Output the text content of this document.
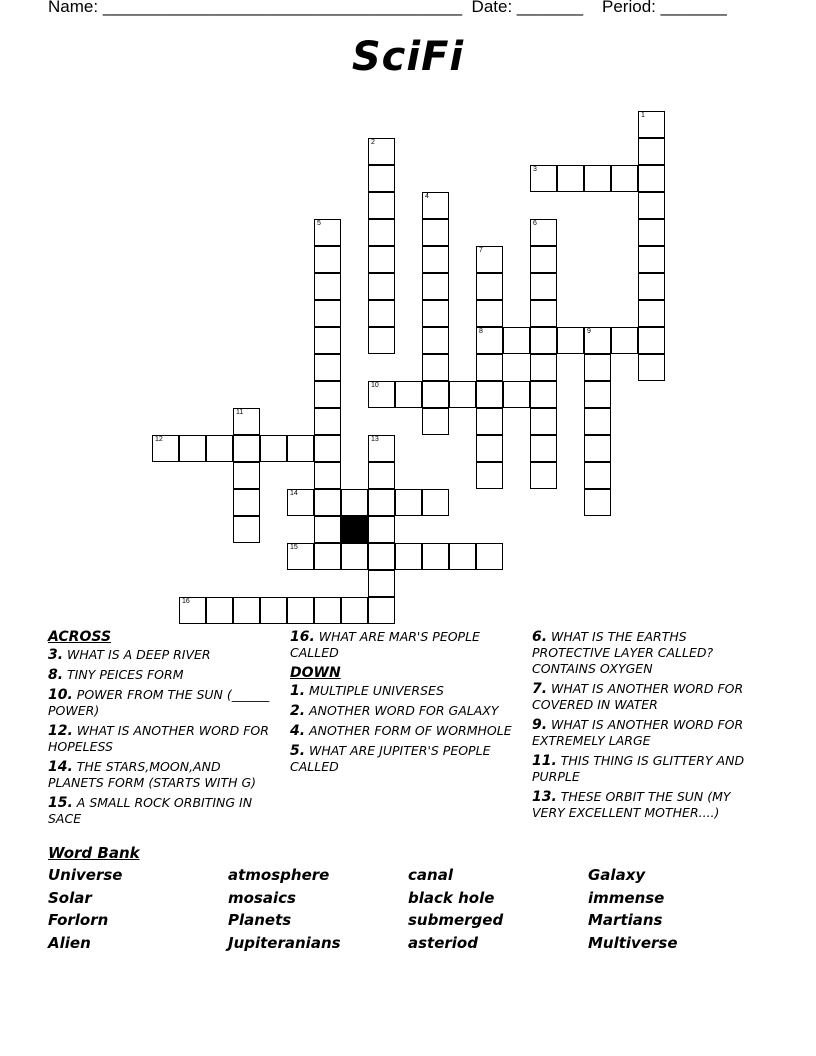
Name: ______________________________________ Date: _______ Period: _______
SciFi
1
2
3
4
5	6
7
8	9
10
11
12	13
14
15
16
ACROSS
3. WHAT IS A DEEP RIVER
8. TINY PEICES FORM
10. POWER FROM THE SUN (______ POWER)
12. WHAT IS ANOTHER WORD FOR HOPELESS
14. THE STARS,MOON,AND PLANETS FORM (STARTS WITH G)
15. A SMALL ROCK ORBITING IN SACE
16. WHAT ARE MAR'S PEOPLE CALLED
DOWN
1. MULTIPLE UNIVERSES
2. ANOTHER WORD FOR GALAXY
4. ANOTHER FORM OF WORMHOLE
5. WHAT ARE JUPITER'S PEOPLE CALLED
6. WHAT IS THE EARTHS PROTECTIVE LAYER CALLED? CONTAINS OXYGEN
7. WHAT IS ANOTHER WORD FOR COVERED IN WATER
9. WHAT IS ANOTHER WORD FOR EXTREMELY LARGE
11. THIS THING IS GLITTERY AND PURPLE
13. THESE ORBIT THE SUN (MY VERY EXCELLENT MOTHER....)
Word Bank
Universe	atmosphere	canal	Galaxy
Solar	mosaics	black hole	immense
Forlorn	Planets	submerged	Martians
Alien	Jupiteranians	asteriod	Multiverse
